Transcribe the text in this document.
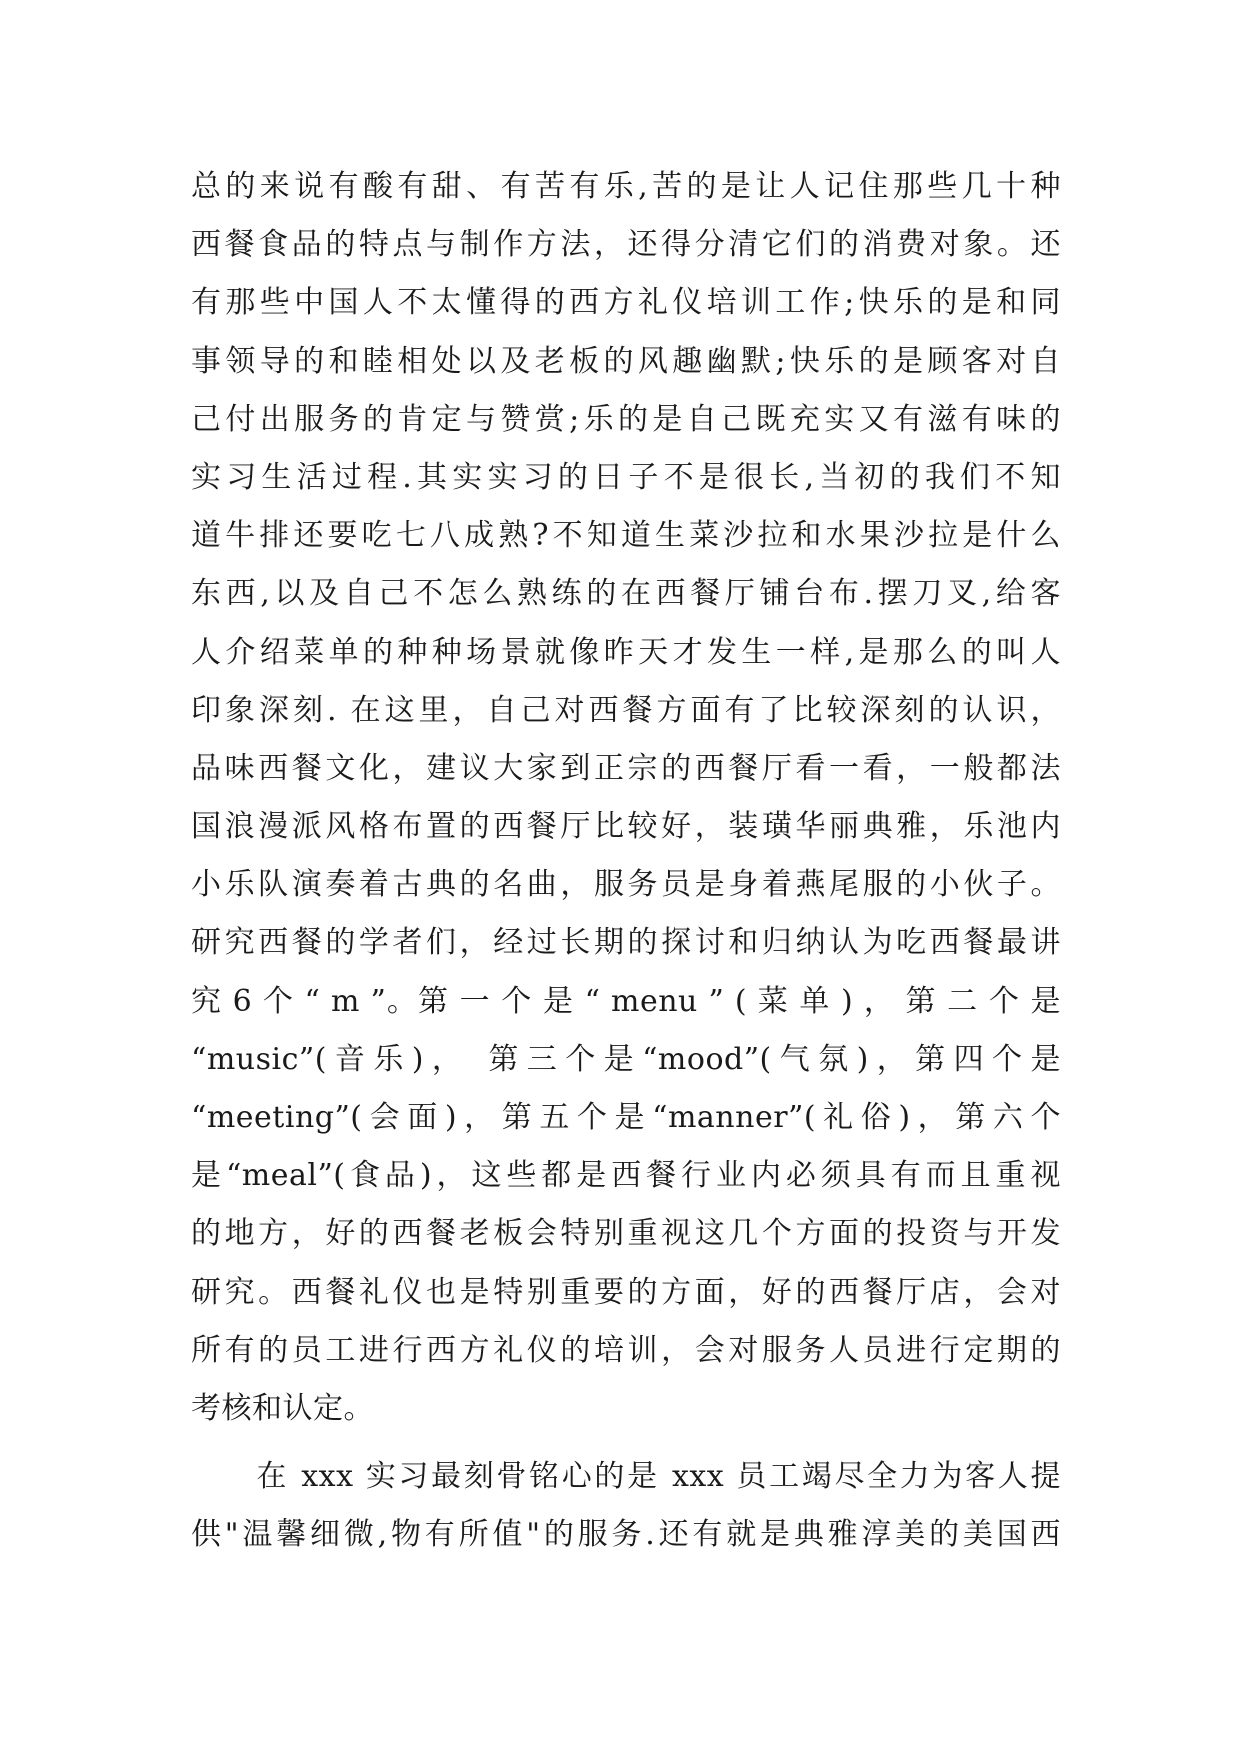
总的来说有酸有甜、有苦有乐,苦的是让人记住那些几十种
西餐食品的特点与制作方法，还得分清它们的消费对象。还
有那些中国人不太懂得的西方礼仪培训工作;快乐的是和同
事领导的和睦相处以及老板的风趣幽默;快乐的是顾客对自
己付出服务的肯定与赞赏;乐的是自己既充实又有滋有味的
实习生活过程.其实实习的日子不是很长,当初的我们不知
道牛排还要吃七八成熟?不知道生菜沙拉和水果沙拉是什么
东西,以及自己不怎么熟练的在西餐厅铺台布.摆刀叉,给客
人介绍菜单的种种场景就像昨天才发生一样,是那么的叫人
印象深刻. 在这里，自己对西餐方面有了比较深刻的认识，
品味西餐文化，建议大家到正宗的西餐厅看一看，一般都法
国浪漫派风格布置的西餐厅比较好，装璜华丽典雅，乐池内
小乐队演奏着古典的名曲，服务员是身着燕尾服的小伙子。
研究西餐的学者们，经过长期的探讨和归纳认为吃西餐最讲
究 6 个 “ m ”。第 一 个 是 “ menu ” ( 菜 单 ) ， 第 二 个 是
“music”(音乐)， 第三个是“mood”(气氛)，第四个是
“meeting”(会面)，第五个是“manner”(礼俗)，第六个
是“meal”(食品)，这些都是西餐行业内必须具有而且重视
的地方，好的西餐老板会特别重视这几个方面的投资与开发
研究。西餐礼仪也是特别重要的方面，好的西餐厅店，会对
所有的员工进行西方礼仪的培训，会对服务人员进行定期的
考核和认定。
　　在 xxx 实习最刻骨铭心的是 xxx 员工竭尽全力为客人提
供"温馨细微,物有所值"的服务.还有就是典雅淳美的美国西
